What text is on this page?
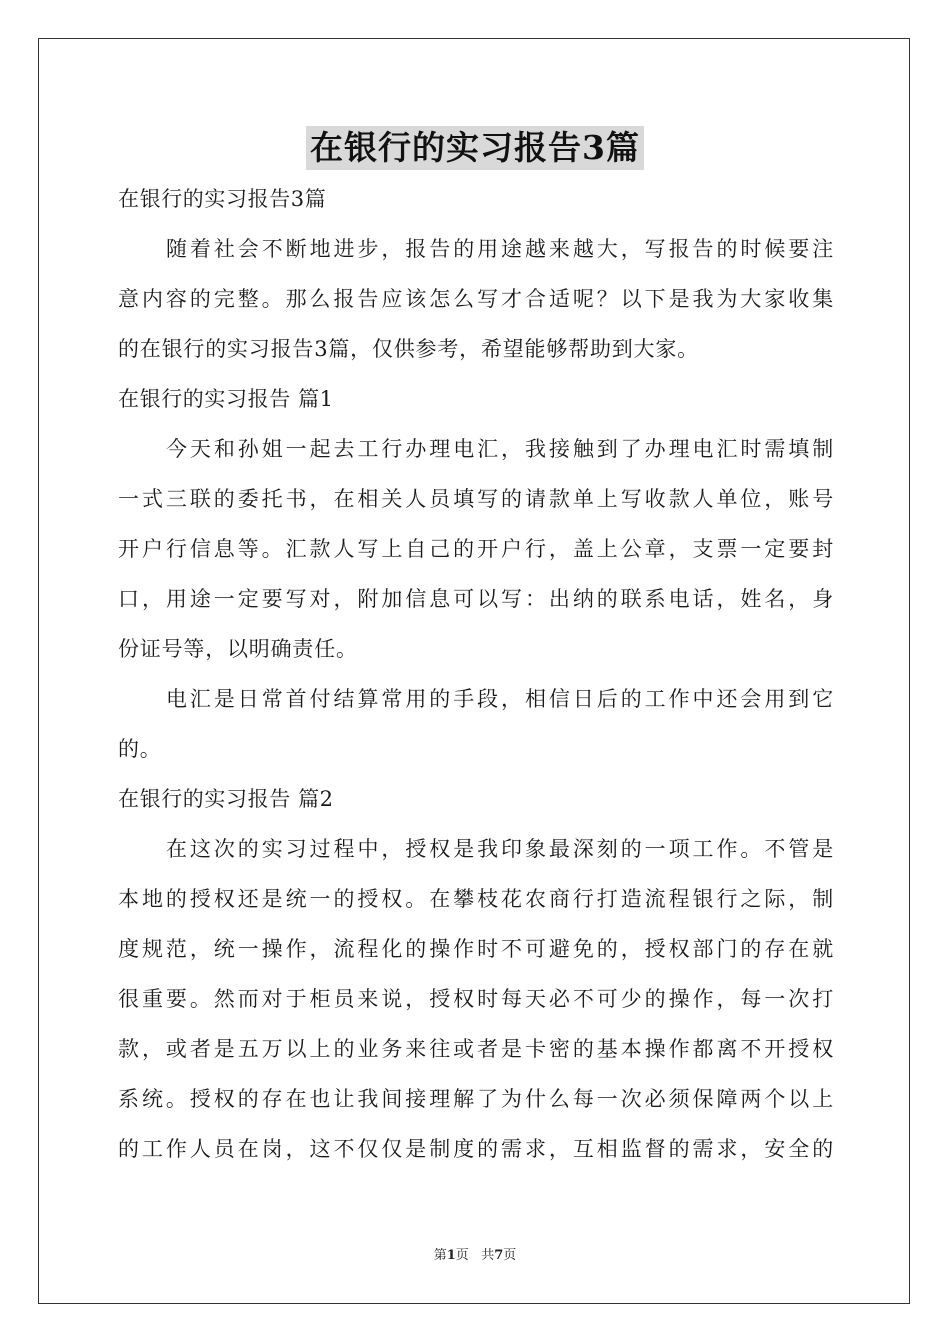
在银行的实习报告3篇
在银行的实习报告3篇
随着社会不断地进步，报告的用途越来越大，写报告的时候要注
意内容的完整。那么报告应该怎么写才合适呢？以下是我为大家收集
的在银行的实习报告3篇，仅供参考，希望能够帮助到大家。
在银行的实习报告 篇1
今天和孙姐一起去工行办理电汇，我接触到了办理电汇时需填制
一式三联的委托书，在相关人员填写的请款单上写收款人单位，账号
开户行信息等。汇款人写上自己的开户行，盖上公章，支票一定要封
口，用途一定要写对，附加信息可以写：出纳的联系电话，姓名，身
份证号等，以明确责任。
电汇是日常首付结算常用的手段，相信日后的工作中还会用到它
的。
在银行的实习报告 篇2
在这次的实习过程中，授权是我印象最深刻的一项工作。不管是
本地的授权还是统一的授权。在攀枝花农商行打造流程银行之际，制
度规范，统一操作，流程化的操作时不可避免的，授权部门的存在就
很重要。然而对于柜员来说，授权时每天必不可少的操作，每一次打
款，或者是五万以上的业务来往或者是卡密的基本操作都离不开授权
系统。授权的存在也让我间接理解了为什么每一次必须保障两个以上
的工作人员在岗，这不仅仅是制度的需求，互相监督的需求，安全的
第1页 共7页
